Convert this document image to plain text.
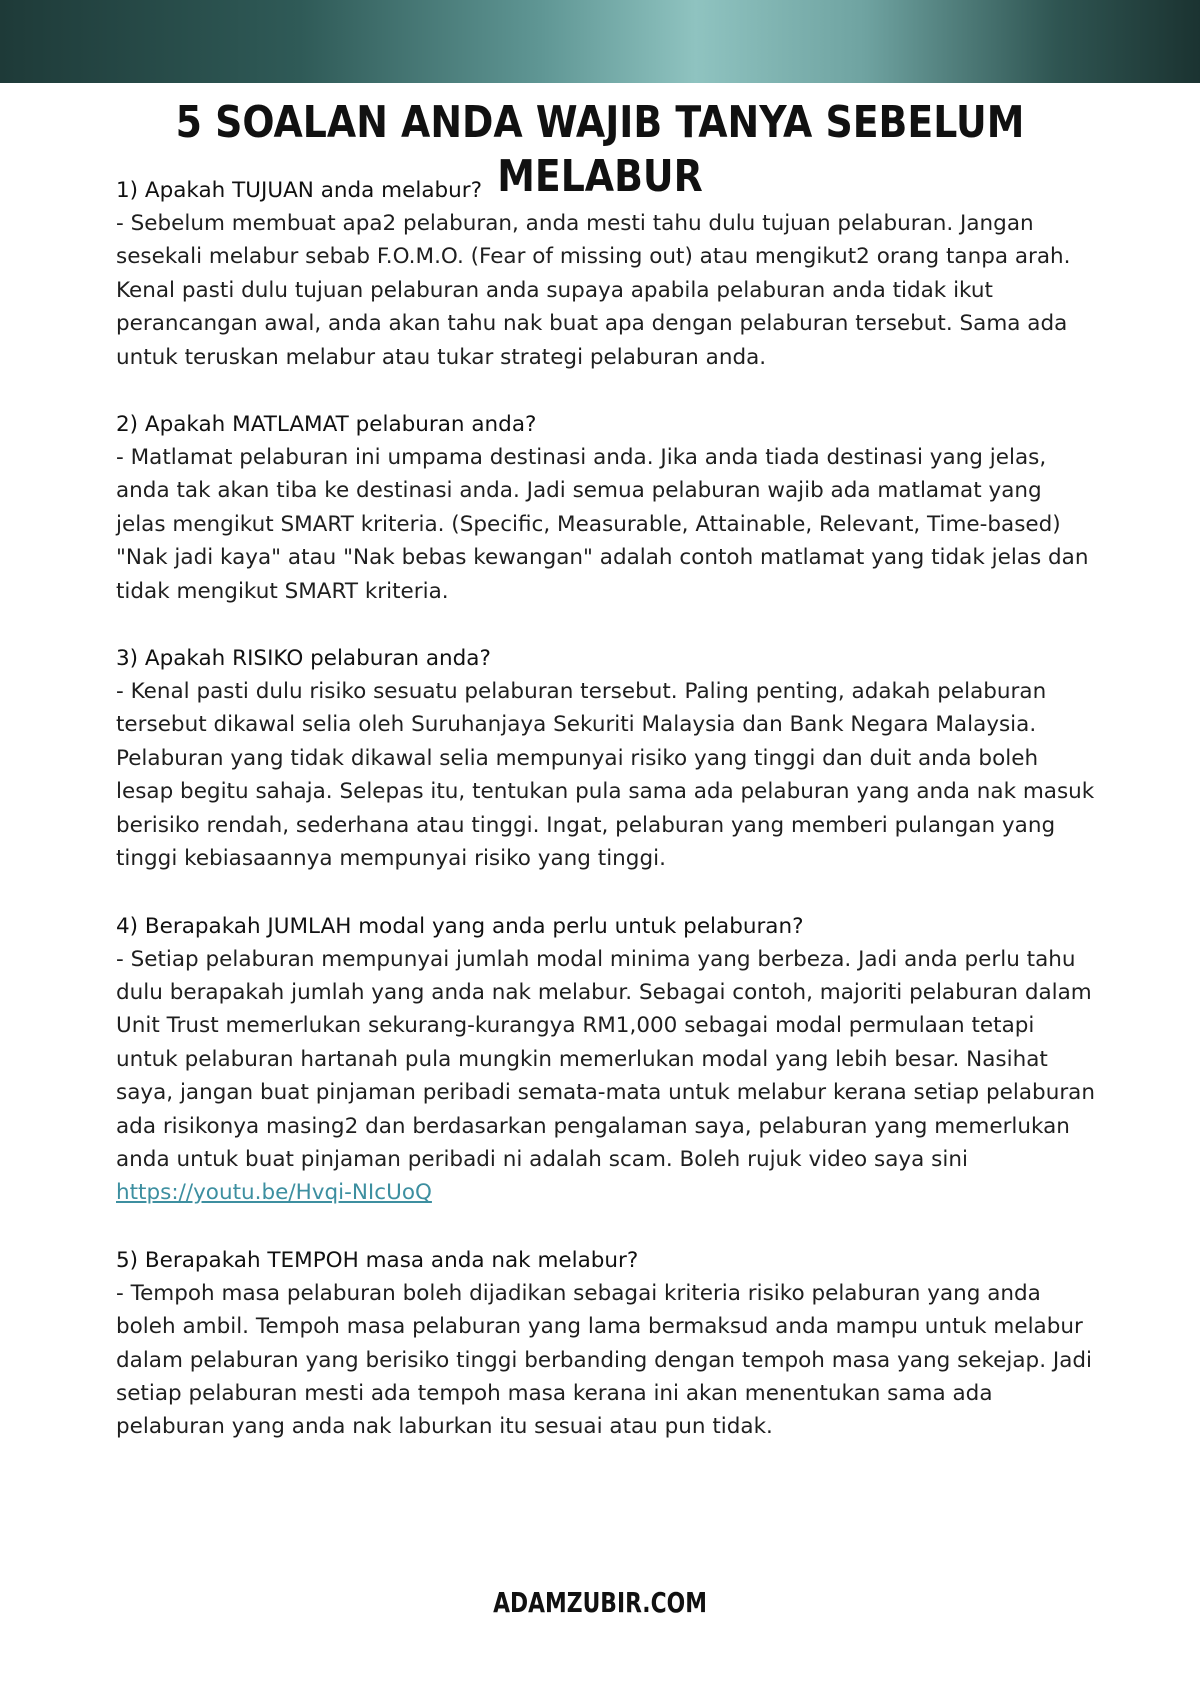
5 SOALAN ANDA WAJIB TANYA SEBELUM MELABUR

1) Apakah TUJUAN anda melabur?

- Sebelum membuat apa2 pelaburan, anda mesti tahu dulu tujuan pelaburan. Jangan sesekali melabur sebab F.O.M.O. (Fear of missing out) atau mengikut2 orang tanpa arah. Kenal pasti dulu tujuan pelaburan anda supaya apabila pelaburan anda tidak ikut perancangan awal, anda akan tahu nak buat apa dengan pelaburan tersebut. Sama ada untuk teruskan melabur atau tukar strategi pelaburan anda.

2) Apakah MATLAMAT pelaburan anda?

- Matlamat pelaburan ini umpama destinasi anda. Jika anda tiada destinasi yang jelas, anda tak akan tiba ke destinasi anda. Jadi semua pelaburan wajib ada matlamat yang jelas mengikut SMART kriteria. (Specific, Measurable, Attainable, Relevant, Time-based) "Nak jadi kaya" atau "Nak bebas kewangan" adalah contoh matlamat yang tidak jelas dan tidak mengikut SMART kriteria.

3) Apakah RISIKO pelaburan anda?

- Kenal pasti dulu risiko sesuatu pelaburan tersebut. Paling penting, adakah pelaburan tersebut dikawal selia oleh Suruhanjaya Sekuriti Malaysia dan Bank Negara Malaysia. Pelaburan yang tidak dikawal selia mempunyai risiko yang tinggi dan duit anda boleh lesap begitu sahaja. Selepas itu, tentukan pula sama ada pelaburan yang anda nak masuk berisiko rendah, sederhana atau tinggi. Ingat, pelaburan yang memberi pulangan yang tinggi kebiasaannya mempunyai risiko yang tinggi.

4) Berapakah JUMLAH modal yang anda perlu untuk pelaburan?

- Setiap pelaburan mempunyai jumlah modal minima yang berbeza. Jadi anda perlu tahu dulu berapakah jumlah yang anda nak melabur. Sebagai contoh, majoriti pelaburan dalam Unit Trust memerlukan sekurang-kurangya RM1,000 sebagai modal permulaan tetapi untuk pelaburan hartanah pula mungkin memerlukan modal yang lebih besar. Nasihat saya, jangan buat pinjaman peribadi semata-mata untuk melabur kerana setiap pelaburan ada risikonya masing2 dan berdasarkan pengalaman saya, pelaburan yang memerlukan anda untuk buat pinjaman peribadi ni adalah scam. Boleh rujuk video saya sini https://youtu.be/Hvqi-NIcUoQ

5) Berapakah TEMPOH masa anda nak melabur?

- Tempoh masa pelaburan boleh dijadikan sebagai kriteria risiko pelaburan yang anda boleh ambil. Tempoh masa pelaburan yang lama bermaksud anda mampu untuk melabur dalam pelaburan yang berisiko tinggi berbanding dengan tempoh masa yang sekejap. Jadi setiap pelaburan mesti ada tempoh masa kerana ini akan menentukan sama ada pelaburan yang anda nak laburkan itu sesuai atau pun tidak.

ADAMZUBIR.COM
